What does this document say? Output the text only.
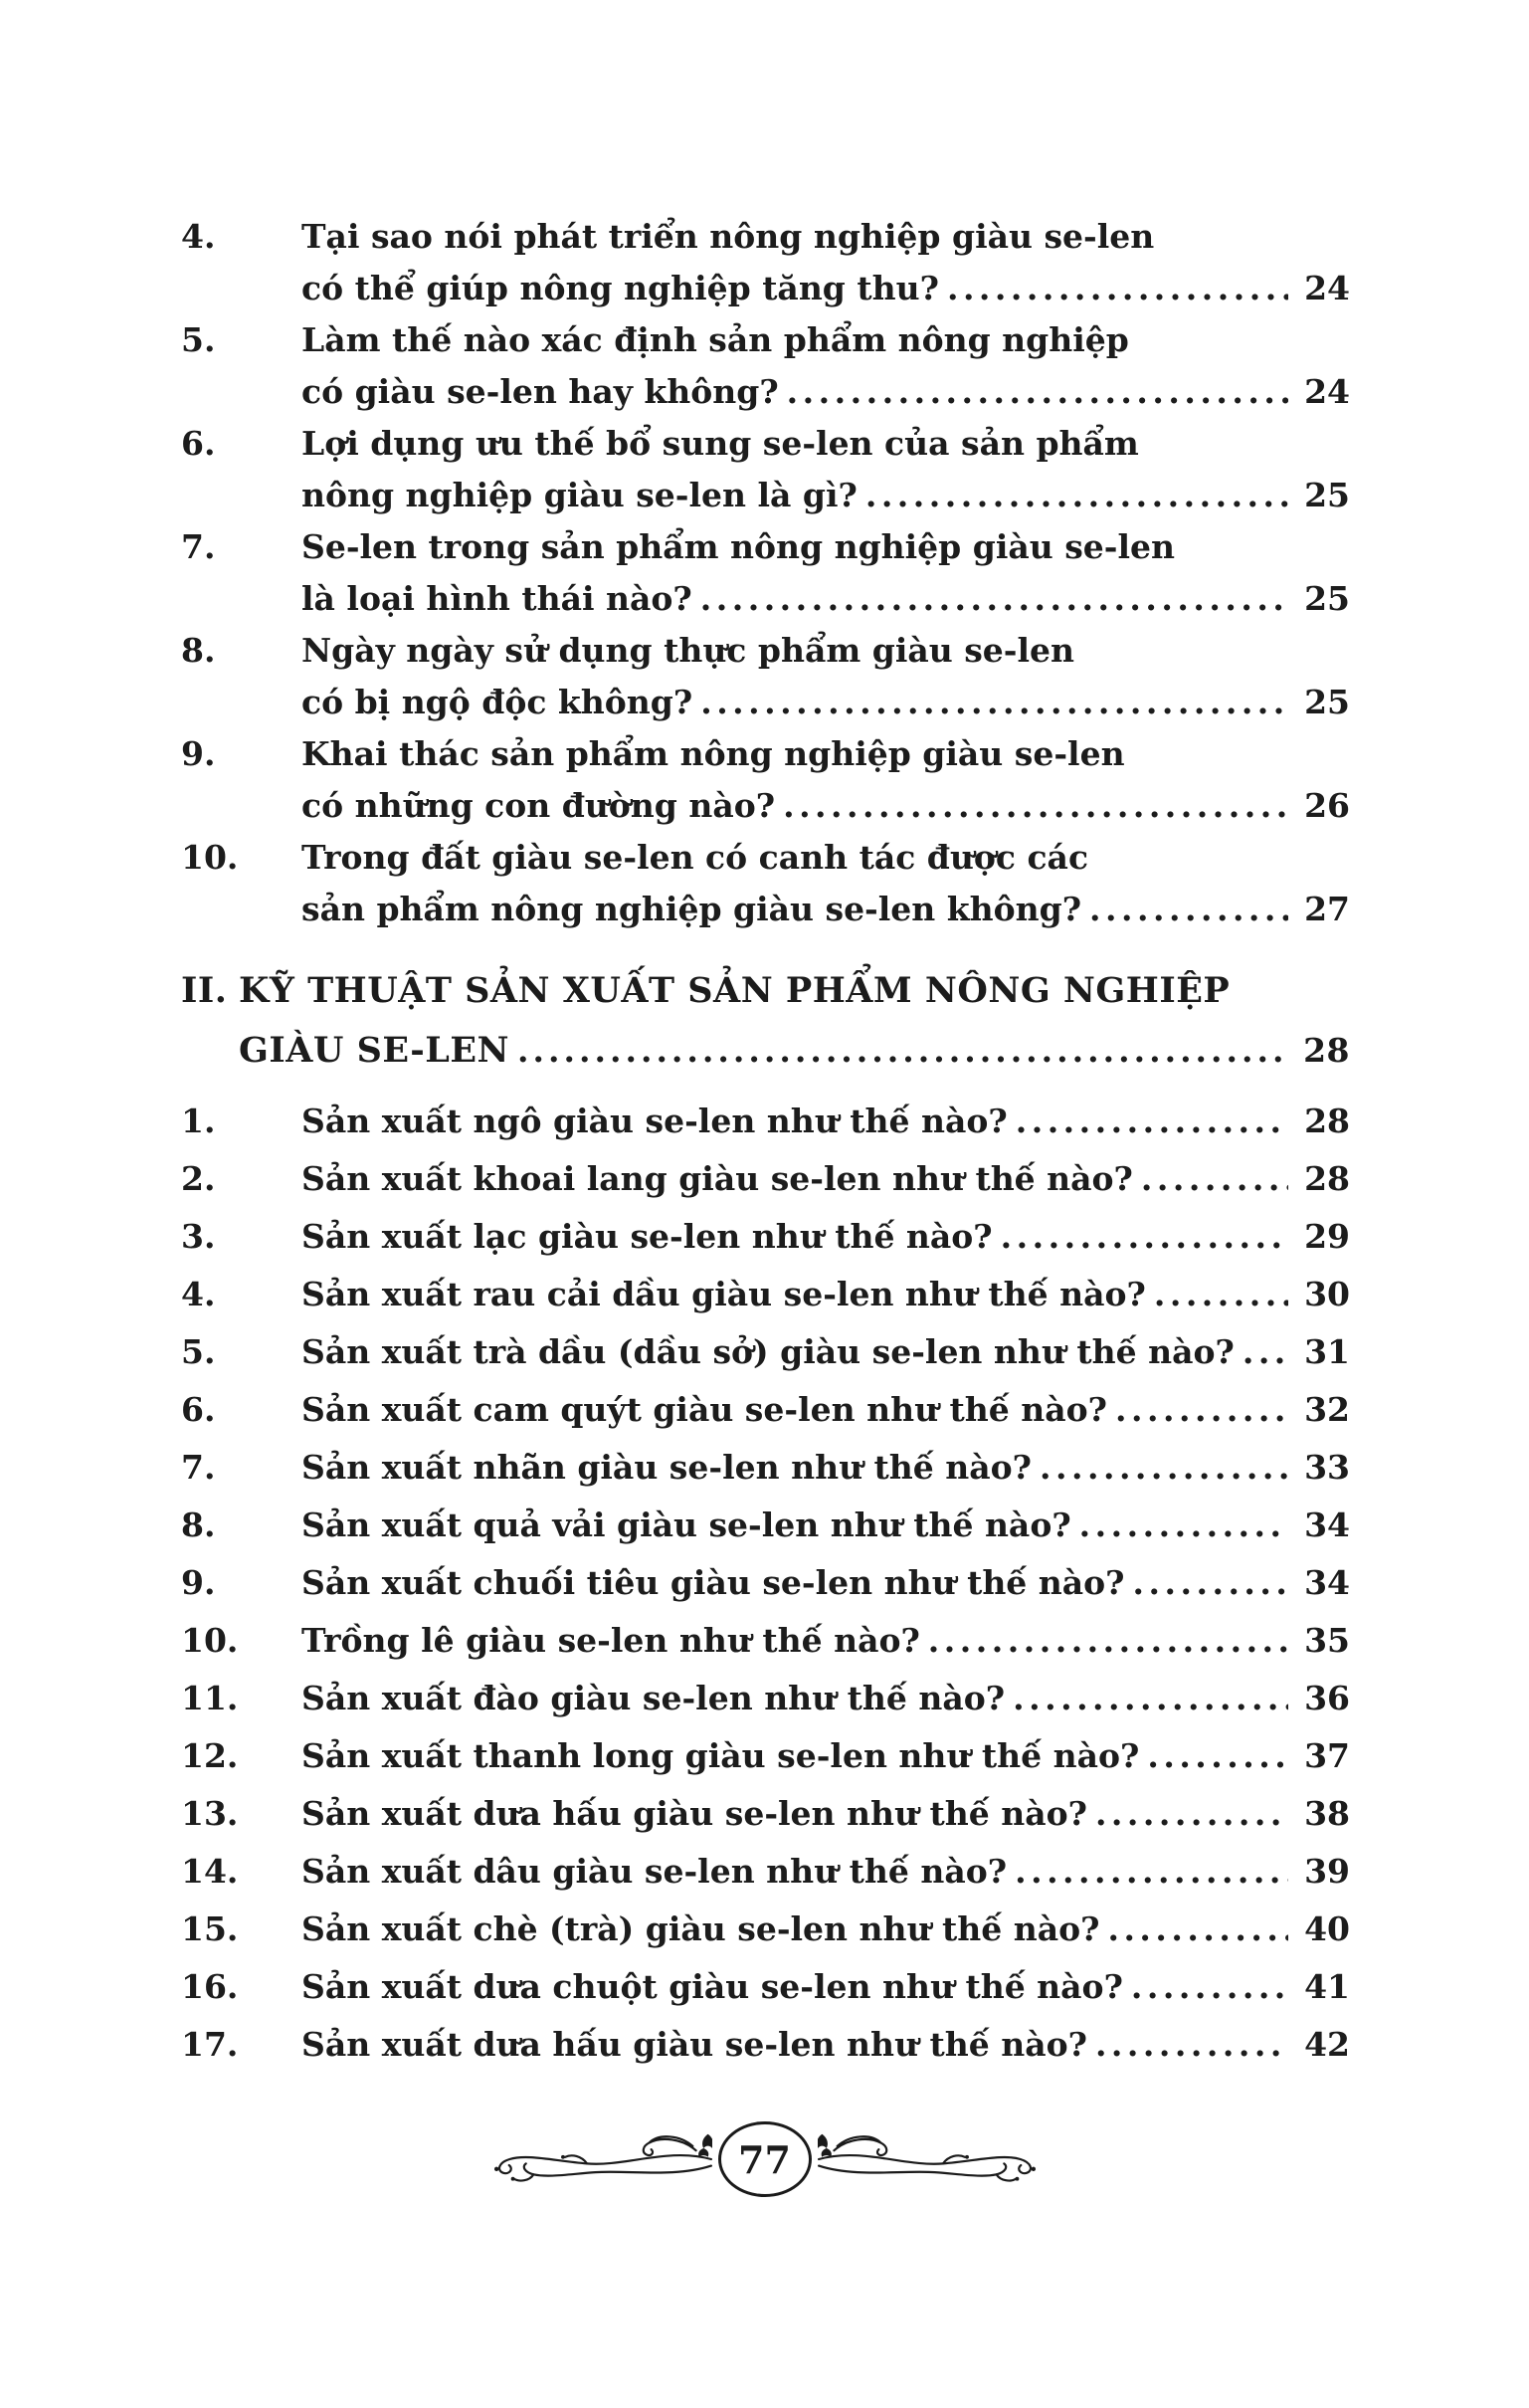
4.	Tại sao nói phát triển nông nghiệp giàu se-len
có thể giúp nông nghiệp tăng thu? .....	24
5.	Làm thế nào xác định sản phẩm nông nghiệp
có giàu se-len hay không? .....	24
6.	Lợi dụng ưu thế bổ sung se-len của sản phẩm
nông nghiệp giàu se-len là gì? .....	25
7.	Se-len trong sản phẩm nông nghiệp giàu se-len
là loại hình thái nào? .....	25
8.	Ngày ngày sử dụng thực phẩm giàu se-len
có bị ngộ độc không? .....	25
9.	Khai thác sản phẩm nông nghiệp giàu se-len
có những con đường nào? .....	26
10.	Trong đất giàu se-len có canh tác được các
sản phẩm nông nghiệp giàu se-len không? .....	27
II. KỸ THUẬT SẢN XUẤT SẢN PHẨM NÔNG NGHIỆP
GIÀU SE-LEN .....	28
1.	Sản xuất ngô giàu se-len như thế nào? .....	28
2.	Sản xuất khoai lang giàu se-len như thế nào? .....	28
3.	Sản xuất lạc giàu se-len như thế nào? .....	29
4.	Sản xuất rau cải dầu giàu se-len như thế nào? .....	30
5.	Sản xuất trà dầu (dầu sở) giàu se-len như thế nào? ..... 31
6.	Sản xuất cam quýt giàu se-len như thế nào? .....	32
7.	Sản xuất nhãn giàu se-len như thế nào? .....	33
8.	Sản xuất quả vải giàu se-len như thế nào? .....	34
9.	Sản xuất chuối tiêu giàu se-len như thế nào? .....	34
10.	Trồng lê giàu se-len như thế nào? .....	35
11.	Sản xuất đào giàu se-len như thế nào? .....	36
12.	Sản xuất thanh long giàu se-len như thế nào? .....	37
13.	Sản xuất dưa hấu giàu se-len như thế nào? .....	38
14.	Sản xuất dâu giàu se-len như thế nào? .....	39
15.	Sản xuất chè (trà) giàu se-len như thế nào? .....	40
16.	Sản xuất dưa chuột giàu se-len như thế nào? .....	41
17.	Sản xuất dưa hấu giàu se-len như thế nào? .....	42
77
